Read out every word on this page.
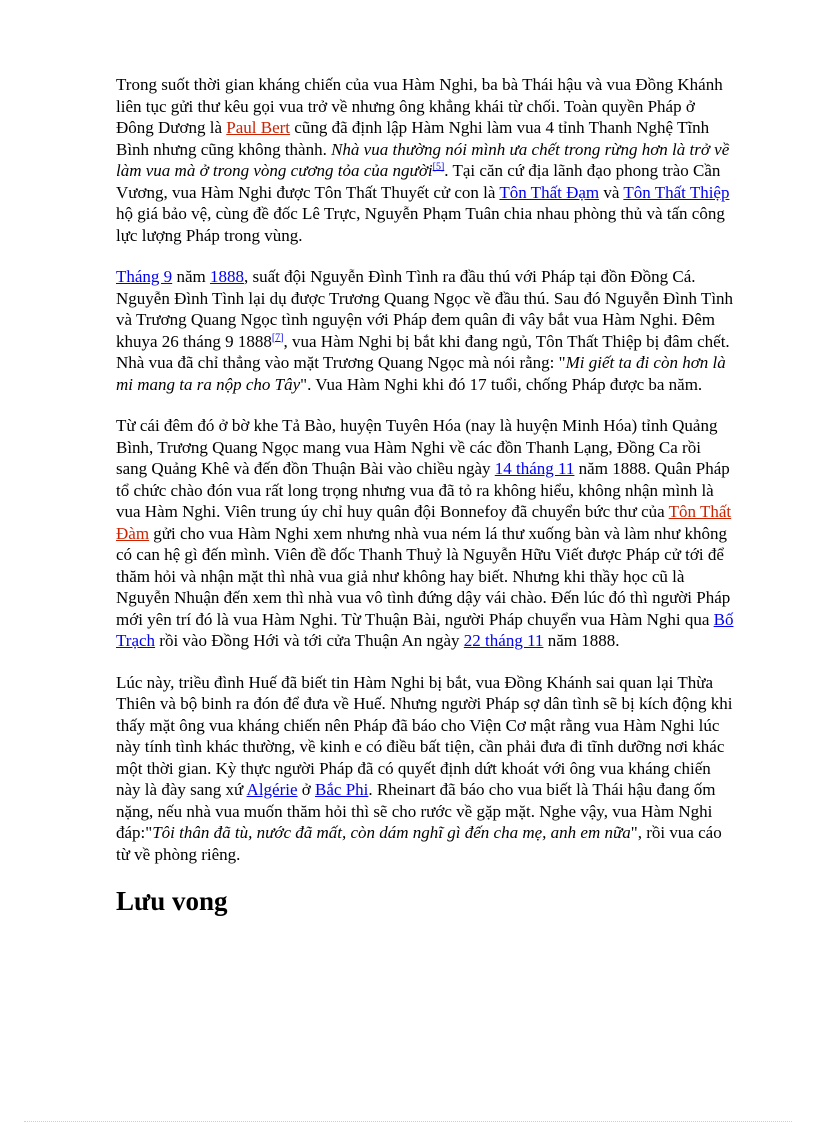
Trong suốt thời gian kháng chiến của vua Hàm Nghi, ba bà Thái hậu và vua Đồng Khánh liên tục gửi thư kêu gọi vua trở về nhưng ông khẳng khái từ chối. Toàn quyền Pháp ở Đông Dương là Paul Bert cũng đã định lập Hàm Nghi làm vua 4 tỉnh Thanh Nghệ Tĩnh Bình nhưng cũng không thành. Nhà vua thường nói mình ưa chết trong rừng hơn là trở về làm vua mà ở trong vòng cương tỏa của người[5]. Tại căn cứ địa lãnh đạo phong trào Cần Vương, vua Hàm Nghi được Tôn Thất Thuyết cử con là Tôn Thất Đạm và Tôn Thất Thiệp hộ giá bảo vệ, cùng đề đốc Lê Trực, Nguyễn Phạm Tuân chia nhau phòng thủ và tấn công lực lượng Pháp trong vùng.

Tháng 9 năm 1888, suất đội Nguyễn Đình Tình ra đầu thú với Pháp tại đồn Đồng Cá. Nguyễn Đình Tình lại dụ được Trương Quang Ngọc về đầu thú. Sau đó Nguyễn Đình Tình và Trương Quang Ngọc tình nguyện với Pháp đem quân đi vây bắt vua Hàm Nghi. Đêm khuya 26 tháng 9 1888[7], vua Hàm Nghi bị bắt khi đang ngủ, Tôn Thất Thiệp bị đâm chết. Nhà vua đã chỉ thẳng vào mặt Trương Quang Ngọc mà nói rằng: "Mi giết ta đi còn hơn là mi mang ta ra nộp cho Tây". Vua Hàm Nghi khi đó 17 tuổi, chống Pháp được ba năm.

Từ cái đêm đó ở bờ khe Tả Bào, huyện Tuyên Hóa (nay là huyện Minh Hóa) tỉnh Quảng Bình, Trương Quang Ngọc mang vua Hàm Nghi về các đồn Thanh Lạng, Đồng Ca rồi sang Quảng Khê và đến đồn Thuận Bài vào chiều ngày 14 tháng 11 năm 1888. Quân Pháp tổ chức chào đón vua rất long trọng nhưng vua đã tỏ ra không hiểu, không nhận mình là vua Hàm Nghi. Viên trung úy chỉ huy quân đội Bonnefoy đã chuyển bức thư của Tôn Thất Đàm gửi cho vua Hàm Nghi xem nhưng nhà vua ném lá thư xuống bàn và làm như không có can hệ gì đến mình. Viên đề đốc Thanh Thuỷ là Nguyễn Hữu Viết được Pháp cử tới để thăm hỏi và nhận mặt thì nhà vua giả như không hay biết. Nhưng khi thầy học cũ là Nguyễn Nhuận đến xem thì nhà vua vô tình đứng dậy vái chào. Đến lúc đó thì người Pháp mới yên trí đó là vua Hàm Nghi. Từ Thuận Bài, người Pháp chuyển vua Hàm Nghi qua Bố Trạch rồi vào Đồng Hới và tới cửa Thuận An ngày 22 tháng 11 năm 1888.

Lúc này, triều đình Huế đã biết tin Hàm Nghi bị bắt, vua Đồng Khánh sai quan lại Thừa Thiên và bộ binh ra đón để đưa về Huế. Nhưng người Pháp sợ dân tình sẽ bị kích động khi thấy mặt ông vua kháng chiến nên Pháp đã báo cho Viện Cơ mật rằng vua Hàm Nghi lúc này tính tình khác thường, về kinh e có điều bất tiện, cần phải đưa đi tĩnh dưỡng nơi khác một thời gian. Kỳ thực người Pháp đã có quyết định dứt khoát với ông vua kháng chiến này là đày sang xứ Algérie ở Bắc Phi. Rheinart đã báo cho vua biết là Thái hậu đang ốm nặng, nếu nhà vua muốn thăm hỏi thì sẽ cho rước về gặp mặt. Nghe vậy, vua Hàm Nghi đáp:"Tôi thân đã tù, nước đã mất, còn dám nghĩ gì đến cha mẹ, anh em nữa", rồi vua cáo từ về phòng riêng.

Lưu vong
